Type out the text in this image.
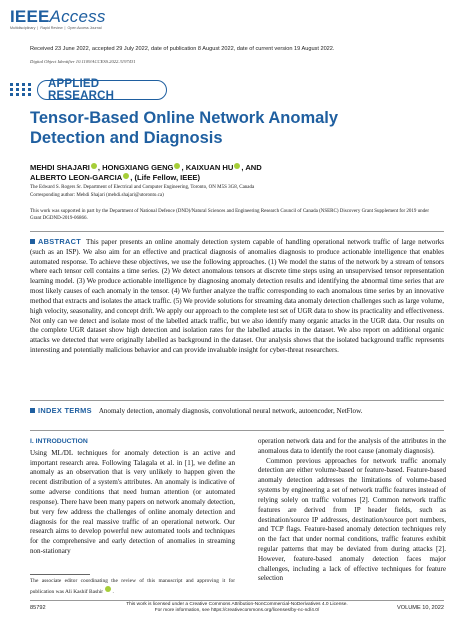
IEEEAccess
Multidisciplinary ❘ Rapid Review ❘ Open Access Journal
Received 23 June 2022, accepted 29 July 2022, date of publication 8 August 2022, date of current version 19 August 2022.
Digital Object Identifier 10.1109/ACCESS.2022.3197431
APPLIED RESEARCH
Tensor-Based Online Network Anomaly
Detection and Diagnosis
MEHDI SHAJARI , HONGXIANG GENG , KAIXUAN HU , AND
ALBERTO LEON-GARCIA , (Life Fellow, IEEE)
The Edward S. Rogers Sr. Department of Electrical and Computer Engineering, Toronto, ON M5S 3G8, Canada
Corresponding author: Mehdi Shajari (mehdi.shajari@utoronto.ca)
This work was supported in part by the Department of National Defence (DND)/Natural Sciences and Engineering Research Council of Canada (NSERC) Discovery Grant Supplement for 2019 under Grant DGDND-2019-06866.
ABSTRACT This paper presents an online anomaly detection system capable of handling operational network traffic of large networks (such as an ISP). We also aim for an effective and practical diagnosis of anomalies diagnosis to produce actionable intelligence that enables automated response. To achieve these objectives, we use the following approaches. (1) We model the status of the network by a stream of tensors where each tensor cell contains a time series. (2) We detect anomalous tensors at discrete time steps using an unsupervised tensor representation learning model. (3) We produce actionable intelligence by diagnosing anomaly detection results and identifying the abnormal time series that are most likely causes of each anomaly in the tensor. (4) We further analyze the traffic corresponding to each anomalous time series by an innovative method that extracts and isolates the attack traffic. (5) We provide solutions for streaming data anomaly detection challenges such as large volume, high velocity, seasonality, and concept drift. We apply our approach to the complete test set of UGR data to show its practicality and effectiveness. Not only can we detect and isolate most of the labelled attack traffic, but we also identify many organic attacks in the UGR data. Our results on the complete UGR dataset show high detection and isolation rates for the labelled attacks in the dataset. We also report on additional organic attacks we detected that were originally labelled as background in the dataset. Our analysis shows that the isolated background traffic represents interesting and potentially malicious behavior and can provide invaluable insight for cyber-threat researchers.
INDEX TERMS Anomaly detection, anomaly diagnosis, convolutional neural network, autoencoder, NetFlow.
I. INTRODUCTION

Using ML/DL techniques for anomaly detection is an active and important research area. Following Talagala et al. in [1], we define an anomaly as an observation that is very unlikely to happen given the recent distribution of a system's attributes. An anomaly is indicative of some adverse conditions that need human attention (or automated response). There have been many papers on network anomaly detection, but very few address the challenges of online anomaly detection and diagnosis for the real massive traffic of an operational network. Our research aims to develop powerful new automated tools and techniques for the comprehensive and early detection of anomalies in streaming non-stationary

operation network data and for the analysis of the attributes in the anomalous data to identify the root cause (anomaly diagnosis).

Common previous approaches for network traffic anomaly detection are either volume-based or feature-based. Feature-based anomaly detection addresses the limitations of volume-based systems by engineering a set of network traffic features instead of relying solely on traffic volumes [2]. Common network traffic features are derived from IP header fields, such as destination/source IP addresses, destination/source port numbers, and TCP flags. Feature-based anomaly detection techniques rely on the fact that under normal conditions, traffic features exhibit regular patterns that may be deviated from during attacks [2]. However, feature-based anomaly detection faces major challenges, including a lack of effective techniques for feature selection

The associate editor coordinating the review of this manuscript and approving it for publication was Ali Kashif Bashir .
85792
This work is licensed under a Creative Commons Attribution-NonCommercial-NoDerivatives 4.0 License.
For more information, see https://creativecommons.org/licenses/by-nc-nd/4.0/	VOLUME 10, 2022
